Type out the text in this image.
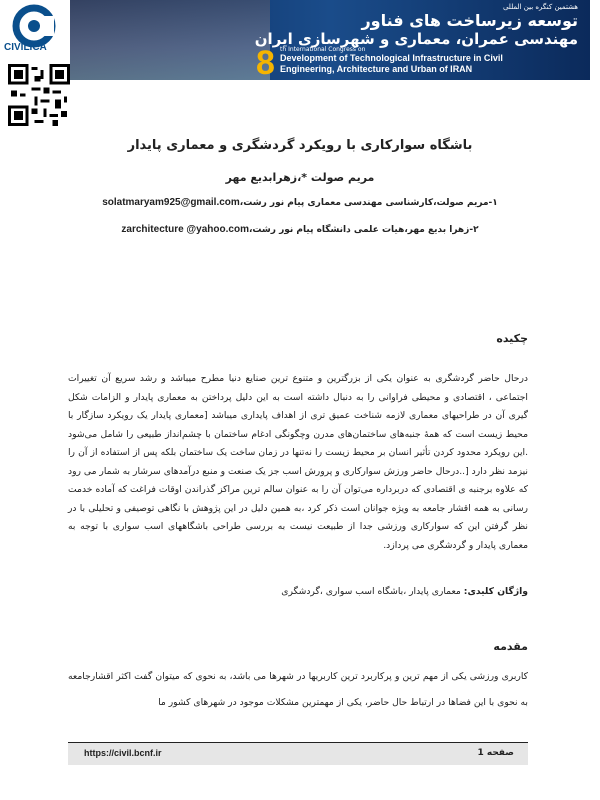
CIVILICA
هشتمین کنگره بین المللی
توسعه زیرساخت های فناور
مهندسی عمران، معماری و شهرسازی ایران
8 th International Congress on
Development of Technological Infrastructure in Civil
Engineering, Architecture and Urban of IRAN
باشگاه سوارکاری با رویکرد گردشگری و معماری پایدار
مریم صولت *،زهرابدیع مهر
۱-مریم صولت،کارشناسی مهندسی معماری پیام نور رشت،solatmaryam925@gmail.com
۲-زهرا بدیع مهر،هیات علمی دانشگاه پیام نور رشت،zarchitecture @yahoo.com
چکیده
درحال حاضر گردشگری به عنوان یکی از بزرگترین و متنوع ترین صنایع دنیا مطرح میباشد و رشد سریع آن تغییرات اجتماعی ، اقتصادی و محیطی فراوانی را به دنبال داشته است به این دلیل پرداختن به معماری پایدار و الزامات شکل گیری آن در طراحیهای معماری لازمه شناخت عمیق تری از اهداف پایداری میباشد [معماری پایدار یک رویکرد سازگار با محیط زیست است که همهٔ جنبه‌های ساختمان‌های مدرن وچگونگی ادغام ساختمان با چشم‌انداز طبیعی را شامل می‌شود .این رویکرد محدود کردن تأثیر انسان بر محیط زیست را نه‌تنها در زمان ساخت یک ساختمان بلکه پس از استفاده از آن را نیزمد نظر دارد [..درحال حاضر ورزش سوارکاری و پرورش اسب جز یک صنعت و منبع درآمدهای سرشار به شمار می رود که علاوه برجنبه ی اقتصادی که دربرداره می‌توان آن را به عنوان سالم ترین مراکز گذراندن اوقات فراغت که آماده خدمت رسانی به همه اقشار جامعه به ویژه جوانان است ذکر کرد ،به همین دلیل در این پژوهش با نگاهی توصیفی و تحلیلی با در نظر گرفتن این که سوارکاری ورزشی جدا از طبیعت نیست به بررسی طراحی باشگاههای اسب سواری با توجه به معماری پایدار و گردشگری می پردازد.
واژگان کلیدی: معماری پایدار ،باشگاه اسب سواری ،گردشگری
مقدمه
کاربری ورزشی یکی از مهم ترین و پرکاربرد ترین کاربریها در شهرها می باشد، به نحوی که میتوان گفت اکثر اقشارجامعه به نحوی با این فضاها در ارتباط حال حاضر، یکی از مهمترین مشکلات موجود در شهرهای کشور ما
https://civil.bcnf.ir	صفحه 1
